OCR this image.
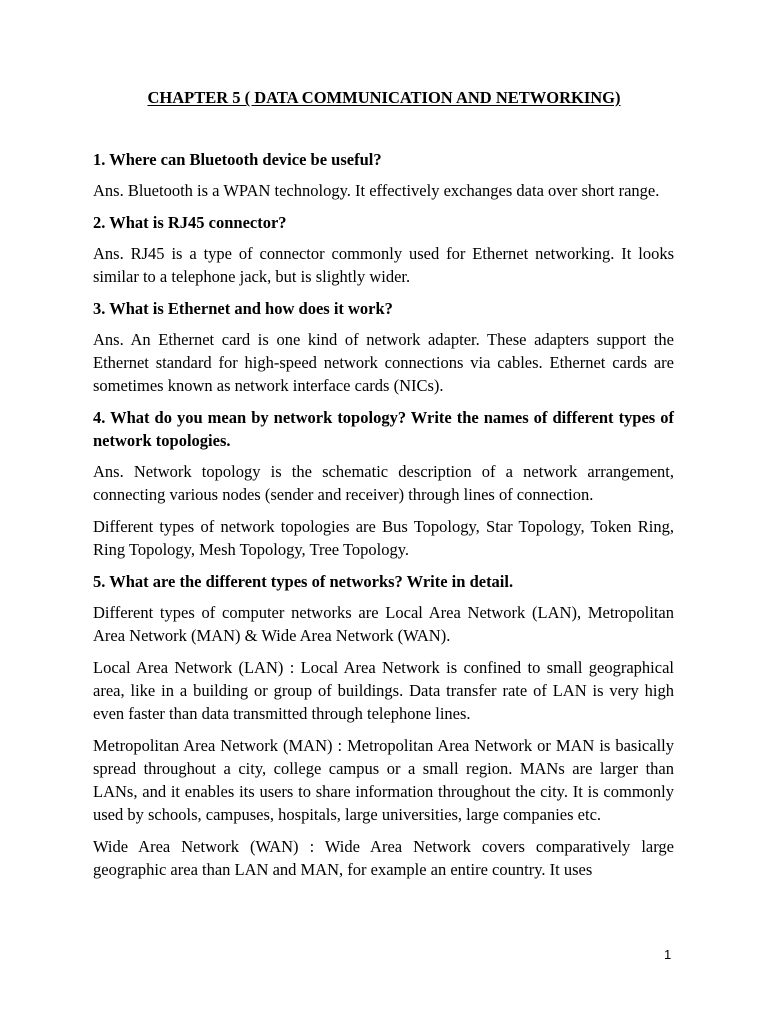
CHAPTER 5 ( DATA COMMUNICATION AND NETWORKING)

1. Where can Bluetooth device be useful?

Ans. Bluetooth is a WPAN technology. It effectively exchanges data over short range.

2. What is RJ45 connector?

Ans. RJ45 is a type of connector commonly used for Ethernet networking. It looks similar to a telephone jack, but is slightly wider.

3. What is Ethernet and how does it work?

Ans. An Ethernet card is one kind of network adapter. These adapters support the Ethernet standard for high-speed network connections via cables. Ethernet cards are sometimes known as network interface cards (NICs).

4. What do you mean by network topology? Write the names of different types of network topologies.

Ans. Network topology is the schematic description of a network arrangement, connecting various nodes (sender and receiver) through lines of connection.

Different types of network topologies are Bus Topology, Star Topology, Token Ring, Ring Topology, Mesh Topology, Tree Topology.

5. What are the different types of networks? Write in detail.

Different types of computer networks are Local Area Network (LAN), Metropolitan Area Network (MAN) & Wide Area Network (WAN).

Local Area Network (LAN) : Local Area Network is confined to small geographical area, like in a building or group of buildings. Data transfer rate of LAN is very high even faster than data transmitted through telephone lines.

Metropolitan Area Network (MAN) : Metropolitan Area Network or MAN is basically spread throughout a city, college campus or a small region. MANs are larger than LANs, and it enables its users to share information throughout the city. It is commonly used by schools, campuses, hospitals, large universities, large companies etc.

Wide Area Network (WAN) : Wide Area Network covers comparatively large geographic area than LAN and MAN, for example an entire country. It uses

1
